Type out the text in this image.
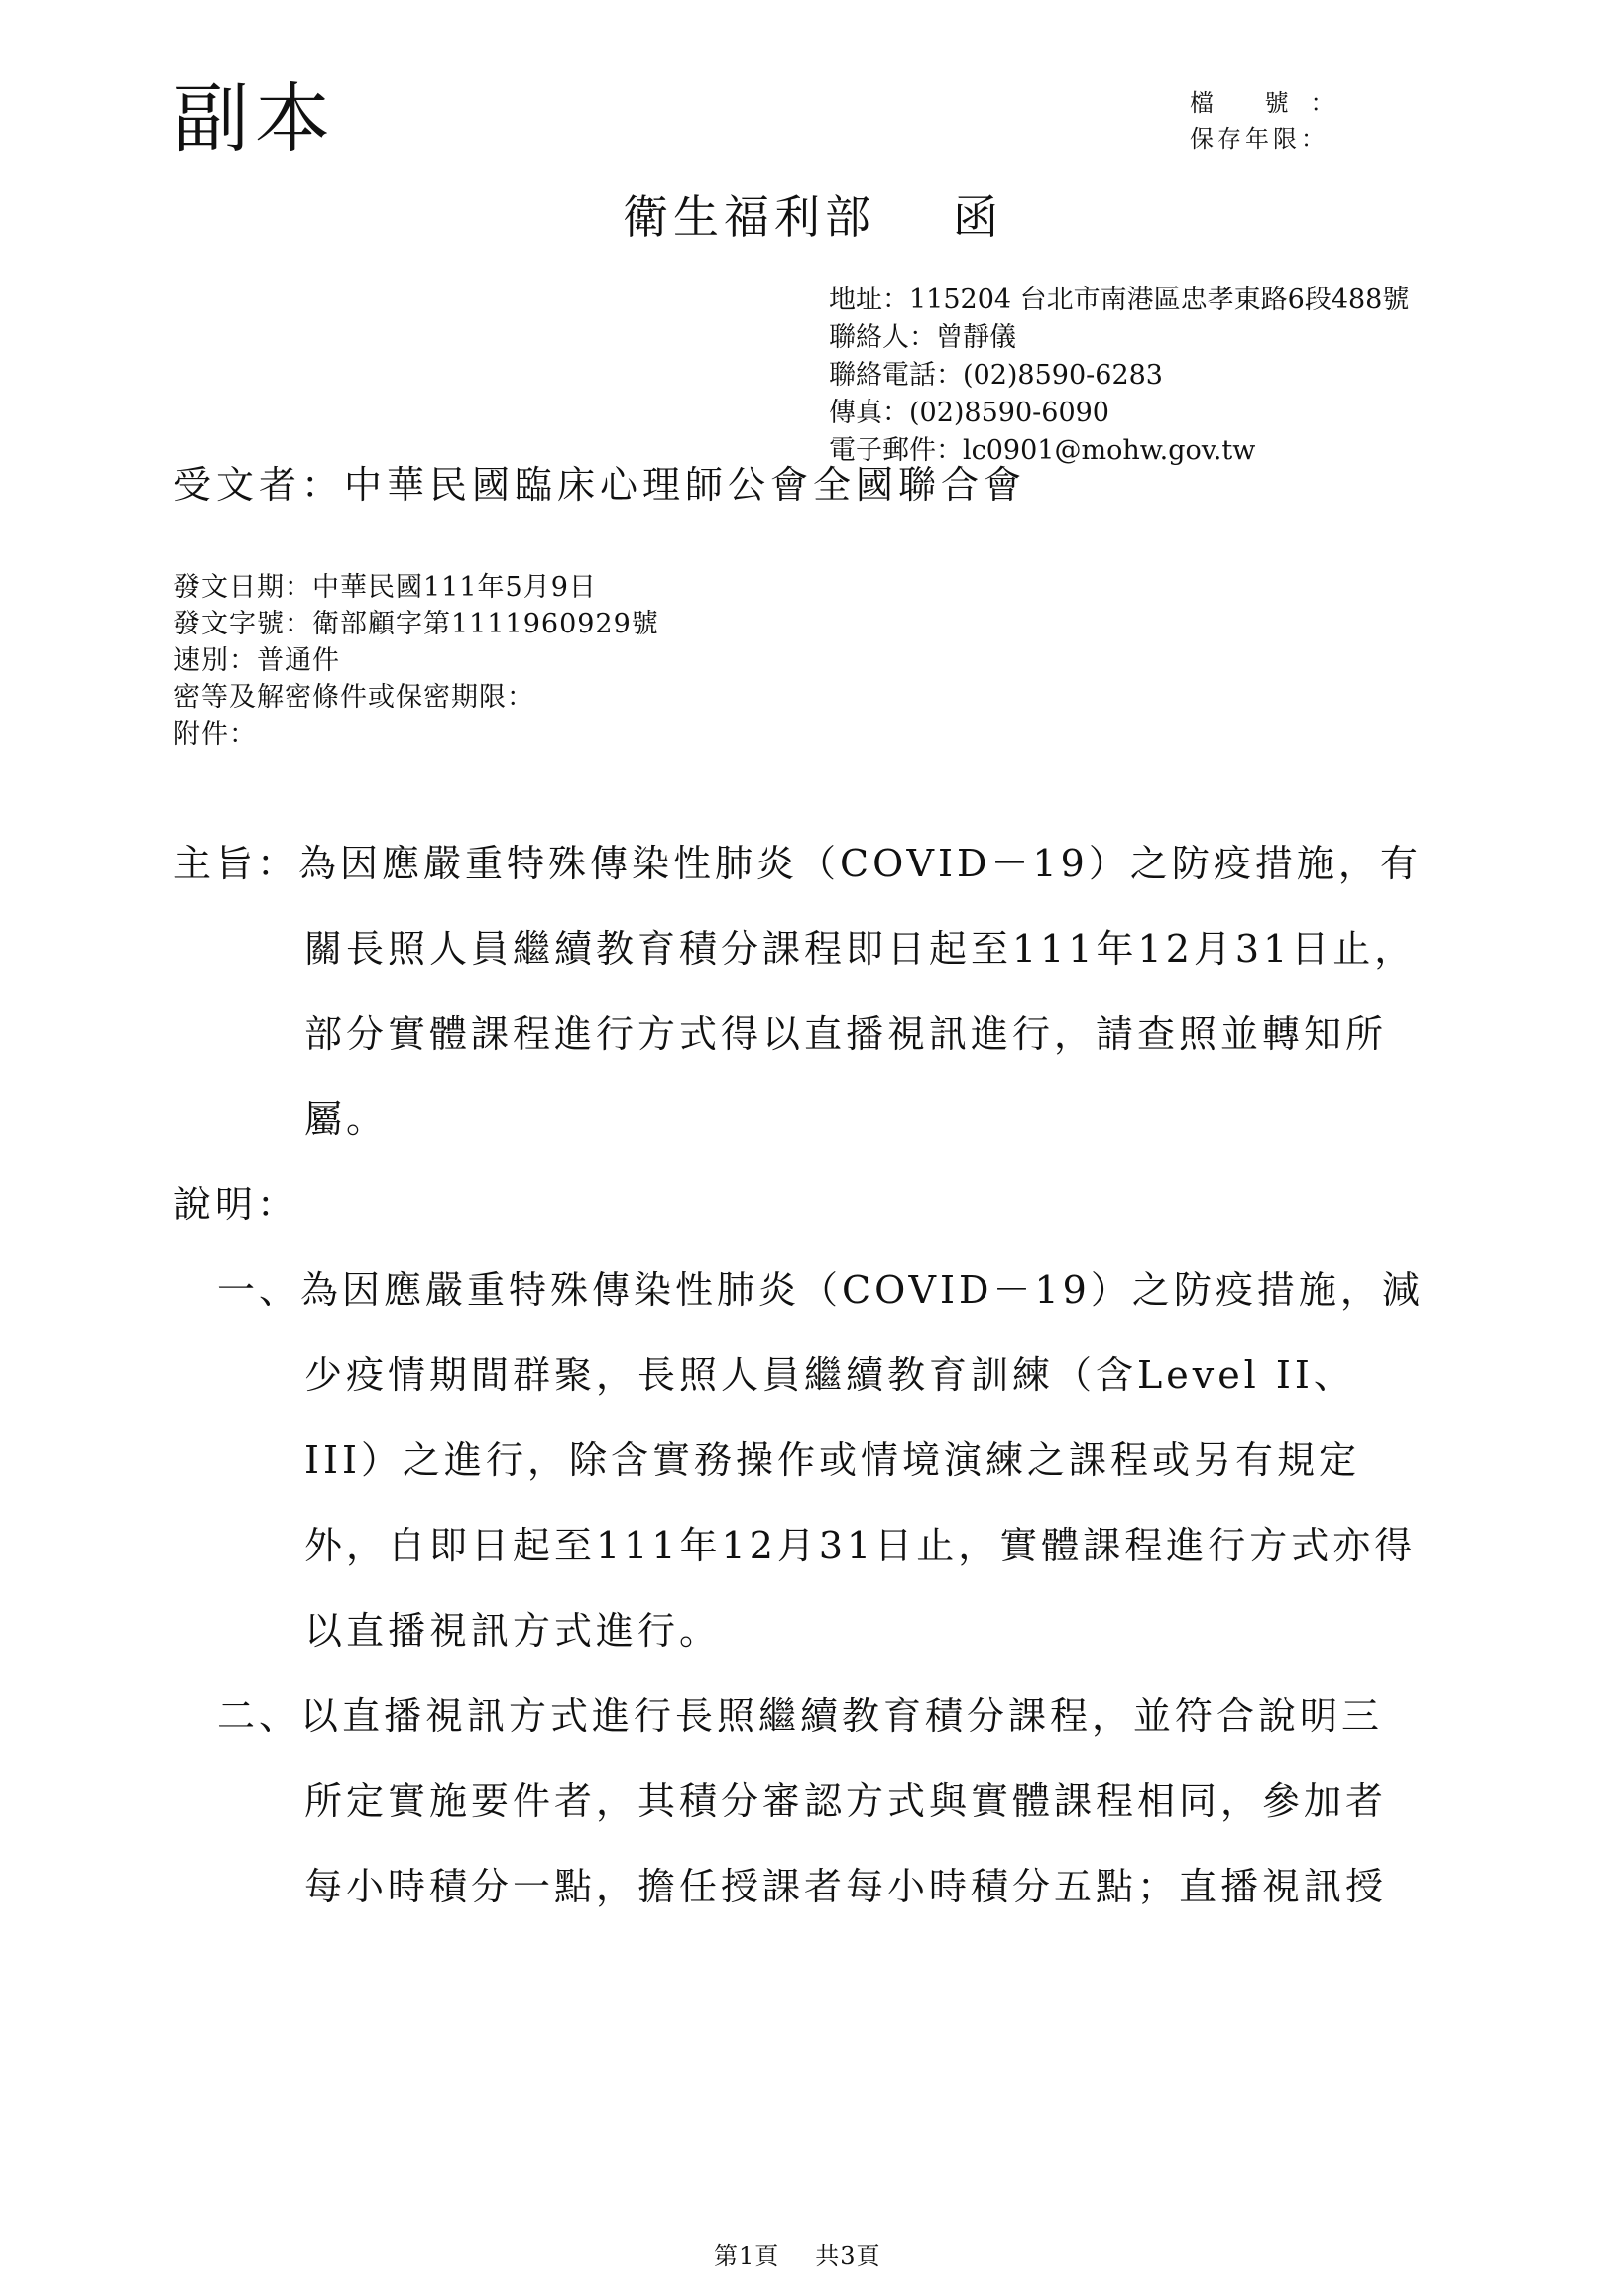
副本	檔 號：
保存年限：
衛生福利部 函
地址：115204 台北市南港區忠孝東路6段488號
聯絡人：曾靜儀
聯絡電話：(02)8590-6283
傳真：(02)8590-6090
電子郵件：lc0901@mohw.gov.tw
受文者：中華民國臨床心理師公會全國聯合會
發文日期：中華民國111年5月9日
發文字號：衛部顧字第1111960929號
速別：普通件
密等及解密條件或保密期限：
附件：
主旨：為因應嚴重特殊傳染性肺炎（COVID－19）之防疫措施，有
關長照人員繼續教育積分課程即日起至111年12月31日止，
部分實體課程進行方式得以直播視訊進行，請查照並轉知所
屬。
說明：
一、為因應嚴重特殊傳染性肺炎（COVID－19）之防疫措施，減
少疫情期間群聚，長照人員繼續教育訓練（含Level II、
III）之進行，除含實務操作或情境演練之課程或另有規定
外，自即日起至111年12月31日止，實體課程進行方式亦得
以直播視訊方式進行。
二、以直播視訊方式進行長照繼續教育積分課程，並符合說明三
所定實施要件者，其積分審認方式與實體課程相同，參加者
每小時積分一點，擔任授課者每小時積分五點；直播視訊授
第1頁 共3頁
